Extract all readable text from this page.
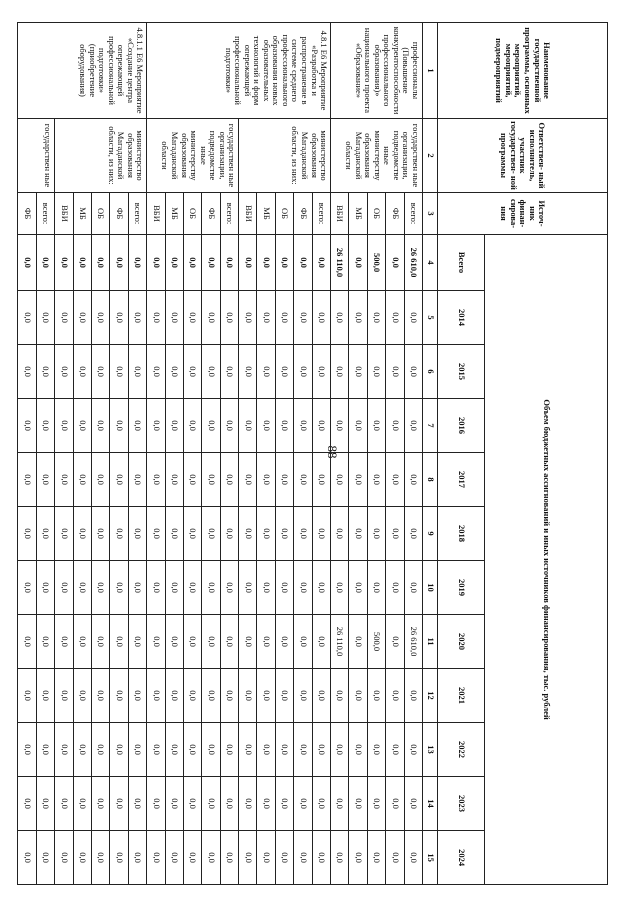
88
Наименование государственной программы, основных мероприятий, мероприятий, подмероприятий	Ответствен- ный исполнитель, участник государствен- ной программы	Источ- ник финан- сирова- ния	Объем бюджетных ассигнований и иных источников финансирования, тыс. рублей											
			Всего	2014	2015	2016	2017	2018	2019	2020	2021	2022	2023	2024
1	2	3	4	5	6	7	8	9	10	11	12	13	14	15
профессионалы (Повышение конкурентоспособности профессионального образования)» национального проекта «Образование»	государствен ные организации, подведомстве нные министерству образования Магаданской области	всего:	26 610,0	0,0	0,0	0,0	0,0	0,0	0,0	26 610,0	0,0	0,0	0,0	0,0
		ФБ	0,0	0,0	0,0	0,0	0,0	0,0	0,0	0,0	0,0	0,0	0,0	0,0
		ОБ	500,0	0,0	0,0	0,0	0,0	0,0	0,0	500,0	0,0	0,0	0,0	0,0
		МБ	0,0	0,0	0,0	0,0	0,0	0,0	0,0	0,0	0,0	0,0	0,0	0,0
		ВБИ	26 110,0	0,0	0,0	0,0	0,0	0,0	0,0	26 110,0	0,0	0,0	0,0	0,0
4.8.1 Е6 Мероприятие «Разработка и распространение в системе среднего профессионального образования новых образовательных технологий и форм опережающей профессиональной подготовки»	министерство образования Магаданской области, из них:	всего:	0,0	0,0	0,0	0,0	0,0	0,0	0,0	0,0	0,0	0,0	0,0	0,0
		ФБ	0,0	0,0	0,0	0,0	0,0	0,0	0,0	0,0	0,0	0,0	0,0	0,0
		ОБ	0,0	0,0	0,0	0,0	0,0	0,0	0,0	0,0	0,0	0,0	0,0	0,0
		МБ	0,0	0,0	0,0	0,0	0,0	0,0	0,0	0,0	0,0	0,0	0,0	0,0
		ВБИ	0,0	0,0	0,0	0,0	0,0	0,0	0,0	0,0	0,0	0,0	0,0	0,0
	государствен ные организации, подведомстве нные министерству образования Магаданской области	всего:	0,0	0,0	0,0	0,0	0,0	0,0	0,0	0,0	0,0	0,0	0,0	0,0
		ФБ	0,0	0,0	0,0	0,0	0,0	0,0	0,0	0,0	0,0	0,0	0,0	0,0
		ОБ	0,0	0,0	0,0	0,0	0,0	0,0	0,0	0,0	0,0	0,0	0,0	0,0
		МБ	0,0	0,0	0,0	0,0	0,0	0,0	0,0	0,0	0,0	0,0	0,0	0,0
		ВБИ	0,0	0,0	0,0	0,0	0,0	0,0	0,0	0,0	0,0	0,0	0,0	0,0
4.8.1.1 Е6 Мероприятие «Создание центра опережающей профессиональной подготовки» (приобретение оборудования)	министерство образования Магаданской области, из них:	всего:	0,0	0,0	0,0	0,0	0,0	0,0	0,0	0,0	0,0	0,0	0,0	0,0
		ФБ	0,0	0,0	0,0	0,0	0,0	0,0	0,0	0,0	0,0	0,0	0,0	0,0
		ОБ	0,0	0,0	0,0	0,0	0,0	0,0	0,0	0,0	0,0	0,0	0,0	0,0
		МБ	0,0	0,0	0,0	0,0	0,0	0,0	0,0	0,0	0,0	0,0	0,0	0,0
		ВБИ	0,0	0,0	0,0	0,0	0,0	0,0	0,0	0,0	0,0	0,0	0,0	0,0
	государствен ные	всего:	0,0	0,0	0,0	0,0	0,0	0,0	0,0	0,0	0,0	0,0	0,0	0,0
		ФБ	0,0	0,0	0,0	0,0	0,0	0,0	0,0	0,0	0,0	0,0	0,0	0,0
